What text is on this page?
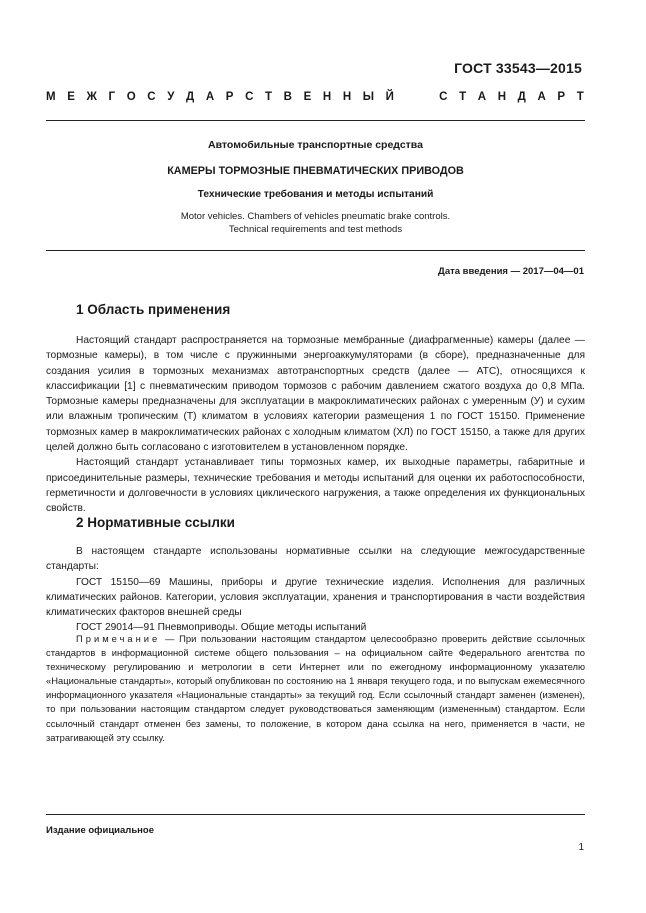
ГОСТ 33543—2015
М Е Ж Г О С У Д А Р С Т В Е Н Н Ы Й	С Т А Н Д А Р Т
Автомобильные транспортные средства
КАМЕРЫ ТОРМОЗНЫЕ ПНЕВМАТИЧЕСКИХ ПРИВОДОВ
Технические требования и методы испытаний
Motor vehicles. Chambers of vehicles pneumatic brake controls.
Technical requirements and test methods
Дата введения — 2017—04—01
1 Область применения

Настоящий стандарт распространяется на тормозные мембранные (диафрагменные) камеры (далее — тормозные камеры), в том числе с пружинными энергоаккумуляторами (в сборе), предназначенные для создания усилия в тормозных механизмах автотранспортных средств (далее — АТС), относящихся к классификации [1] с пневматическим приводом тормозов с рабочим давлением сжатого воздуха до 0,8 МПа. Тормозные камеры предназначены для эксплуатации в макроклиматических районах с умеренным (У) и сухим или влажным тропическим (Т) климатом в условиях категории размещения 1 по ГОСТ 15150. Применение тормозных камер в макроклиматических районах с холодным климатом (ХЛ) по ГОСТ 15150, а также для других целей должно быть согласовано с изготовителем в установленном порядке.

Настоящий стандарт устанавливает типы тормозных камер, их выходные параметры, габаритные и присоединительные размеры, технические требования и методы испытаний для оценки их работоспособности, герметичности и долговечности в условиях циклического нагружения, а также определения их функциональных свойств.

2 Нормативные ссылки

В настоящем стандарте использованы нормативные ссылки на следующие межгосударственные стандарты:

ГОСТ 15150—69 Машины, приборы и другие технические изделия. Исполнения для различных климатических районов. Категории, условия эксплуатации, хранения и транспортирования в части воздействия климатических факторов внешней среды

ГОСТ 29014—91 Пневмоприводы. Общие методы испытаний

Примечание — При пользовании настоящим стандартом целесообразно проверить действие ссылочных стандартов в информационной системе общего пользования – на официальном сайте Федерального агентства по техническому регулированию и метрологии в сети Интернет или по ежегодному информационному указателю «Национальные стандарты», который опубликован по состоянию на 1 января текущего года, и по выпускам ежемесячного информационного указателя «Национальные стандарты» за текущий год. Если ссылочный стандарт заменен (изменен), то при пользовании настоящим стандартом следует руководствоваться заменяющим (измененным) стандартом. Если ссылочный стандарт отменен без замены, то положение, в котором дана ссылка на него, применяется в части, не затрагивающей эту ссылку.

Издание официальное
1
